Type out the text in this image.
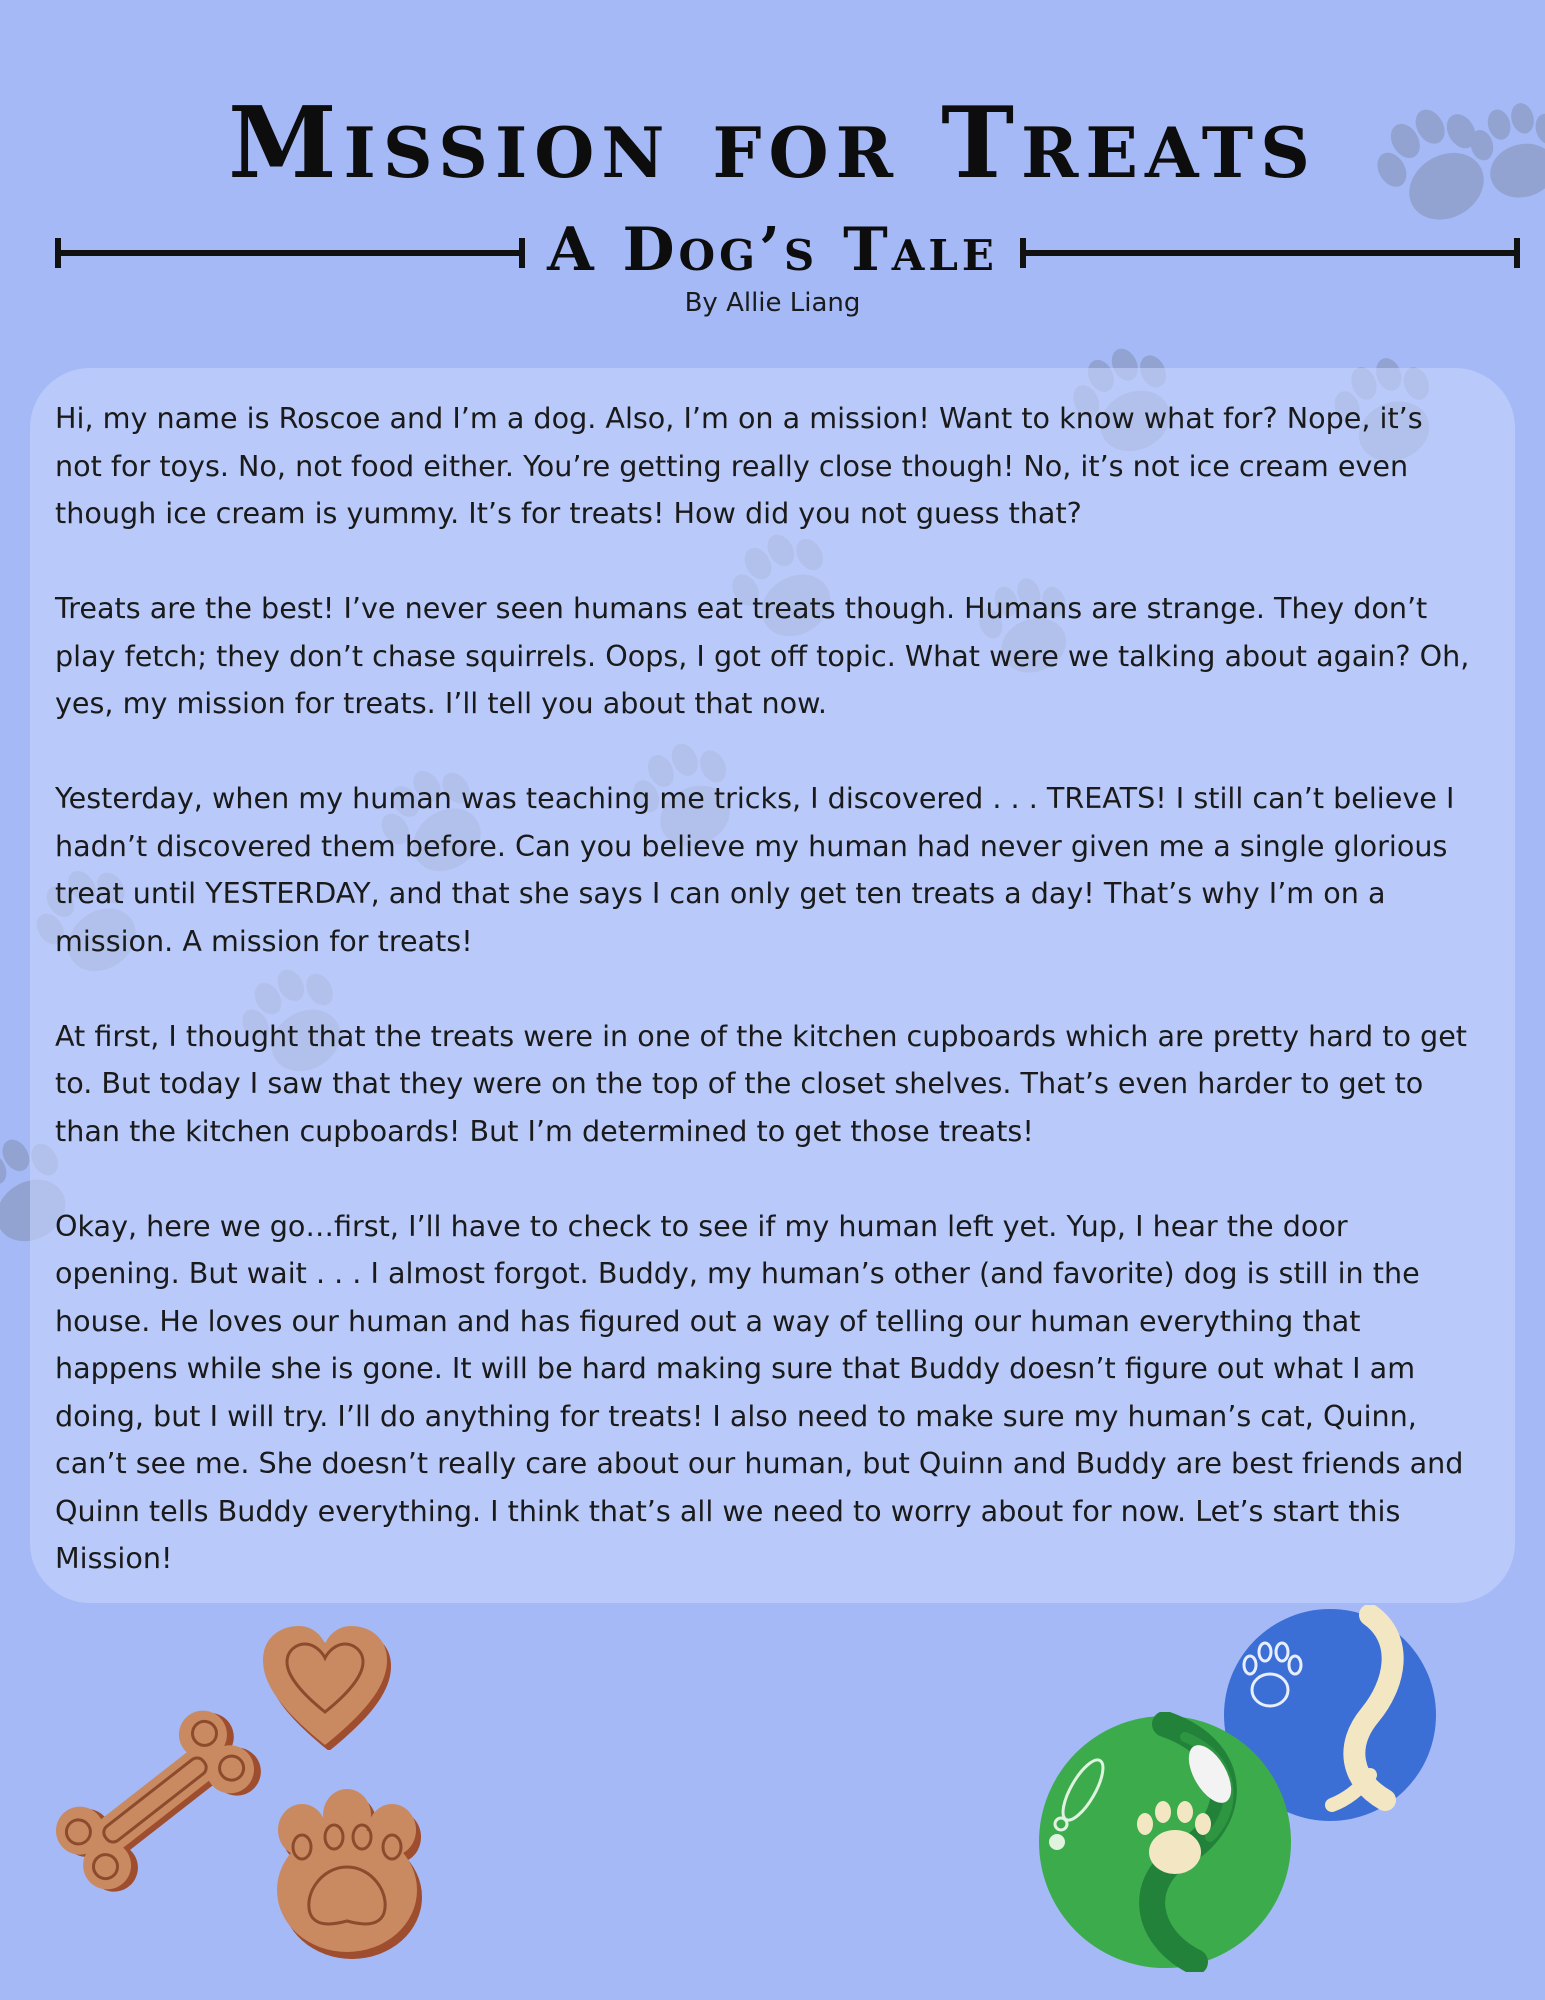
Mission for Treats
A Dog’s Tale
By Allie Liang

Hi, my name is Roscoe and I’m a dog. Also, I’m on a mission! Want to know what for? Nope, it’s not for toys. No, not food either. You’re getting really close though! No, it’s not ice cream even though ice cream is yummy. It’s for treats! How did you not guess that?

Treats are the best! I’ve never seen humans eat treats though. Humans are strange. They don’t play fetch; they don’t chase squirrels. Oops, I got off topic. What were we talking about again? Oh, yes, my mission for treats. I’ll tell you about that now.

Yesterday, when my human was teaching me tricks, I discovered . . . TREATS! I still can’t believe I hadn’t discovered them before. Can you believe my human had never given me a single glorious treat until YESTERDAY, and that she says I can only get ten treats a day! That’s why I’m on a mission. A mission for treats!

At first, I thought that the treats were in one of the kitchen cupboards which are pretty hard to get to. But today I saw that they were on the top of the closet shelves. That’s even harder to get to than the kitchen cupboards! But I’m determined to get those treats!

Okay, here we go…first, I’ll have to check to see if my human left yet. Yup, I hear the door opening. But wait . . . I almost forgot. Buddy, my human’s other (and favorite) dog is still in the house. He loves our human and has figured out a way of telling our human everything that happens while she is gone. It will be hard making sure that Buddy doesn’t figure out what I am doing, but I will try. I’ll do anything for treats! I also need to make sure my human’s cat, Quinn, can’t see me. She doesn’t really care about our human, but Quinn and Buddy are best friends and Quinn tells Buddy everything. I think that’s all we need to worry about for now. Let’s start this Mission!
